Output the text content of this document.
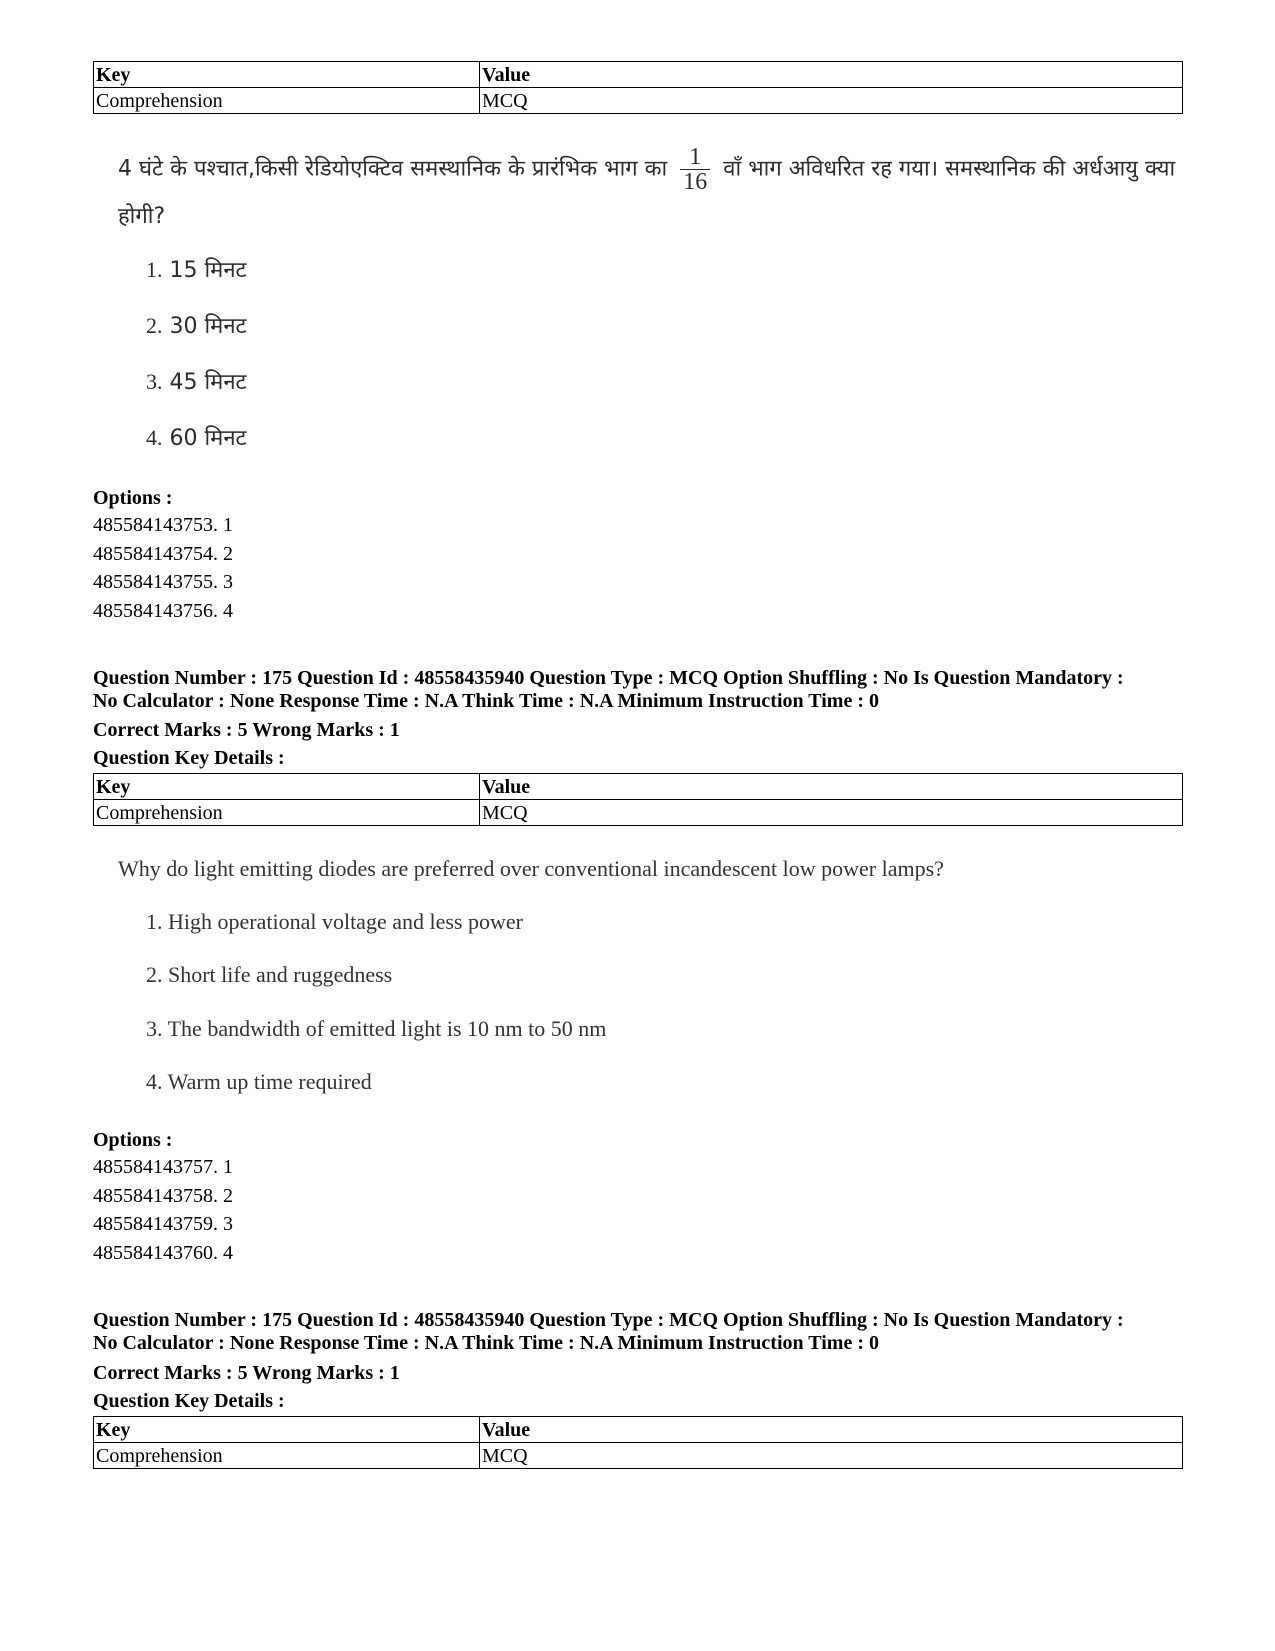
Key	Value
Comprehension	MCQ
4 घंटे के पश्चात,किसी रेडियोएक्टिव समस्थानिक के प्रारंभिक भाग का $\frac{1}{16}$ वाँ भाग अविधरित रह गया। समस्थानिक की अर्धआयु क्या होगी?
1. 15 मिनट
2. 30 मिनट
3. 45 मिनट
4. 60 मिनट
Options :
485584143753. 1
485584143754. 2
485584143755. 3
485584143756. 4
Question Number : 175 Question Id : 48558435940 Question Type : MCQ Option Shuffling : No Is Question Mandatory :
No Calculator : None Response Time : N.A Think Time : N.A Minimum Instruction Time : 0
Correct Marks : 5 Wrong Marks : 1
Question Key Details :
Key	Value
Comprehension	MCQ
Why do light emitting diodes are preferred over conventional incandescent low power lamps?
1. High operational voltage and less power
2. Short life and ruggedness
3. The bandwidth of emitted light is 10 nm to 50 nm
4. Warm up time required
Options :
485584143757. 1
485584143758. 2
485584143759. 3
485584143760. 4
Question Number : 175 Question Id : 48558435940 Question Type : MCQ Option Shuffling : No Is Question Mandatory :
No Calculator : None Response Time : N.A Think Time : N.A Minimum Instruction Time : 0
Correct Marks : 5 Wrong Marks : 1
Question Key Details :
Key	Value
Comprehension	MCQ
